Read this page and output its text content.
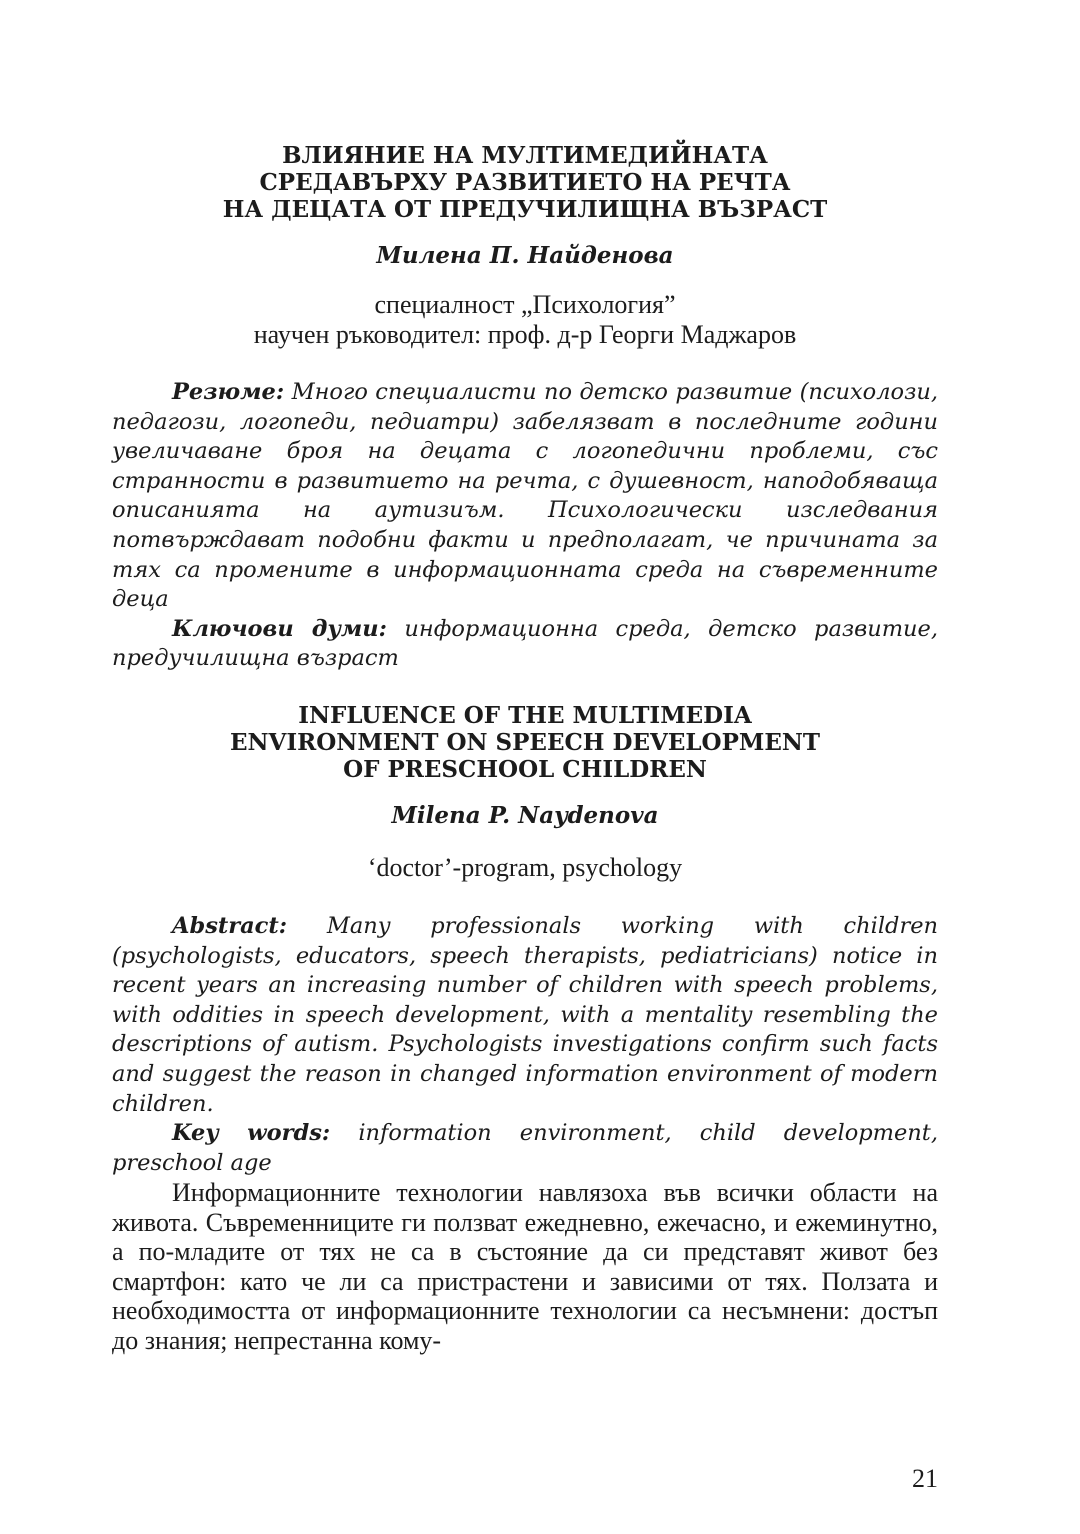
ВЛИЯНИЕ НА МУЛТИМЕДИЙНАТА
СРЕДАВЪРХУ РАЗВИТИЕТО НА РЕЧТА
НА ДЕЦАТА ОТ ПРЕДУЧИЛИЩНА ВЪЗРАСТ

Милена П. Найденова

специалност „Психология”
научен ръководител: проф. д-р Георги Маджаров

Резюме: Много специалисти по детско развитие (психолози, педагози, логопеди, педиатри) забелязват в последните години увеличаване броя на децата с логопедични проблеми, със странности в развитието на речта, с душевност, наподобяваща описанията на аутизиъм. Психологически изследвания потвърждават подобни факти и предполагат, че причината за тях са промените в информационната среда на съвременните деца

Ключови думи: информационна среда, детско развитие, предучилищна възраст

INFLUENCE OF THE MULTIMEDIA
ENVIRONMENT ON SPEECH DEVELOPMENT
OF PRESCHOOL CHILDREN

Milena P. Naydenova

‘doctor’-program, psychology

Abstract: Many professionals working with children (psychologists, educators, speech therapists, pediatricians) notice in recent years an increasing number of children with speech problems, with oddities in speech development, with a mentality resembling the descriptions of autism. Psychologists investigations confirm such facts and suggest the reason in changed information environment of modern children.

Key words: information environment, child development, preschool age

Информационните технологии навлязоха във всички области на живота. Съвременниците ги ползват ежедневно, ежечасно, и ежеминутно, а по-младите от тях не са в състояние да си представят живот без смартфон: като че ли са пристрастени и зависими от тях. Ползата и необходимостта от информационните технологии са несъмнени: достъп до знания; непрестанна кому-

21
